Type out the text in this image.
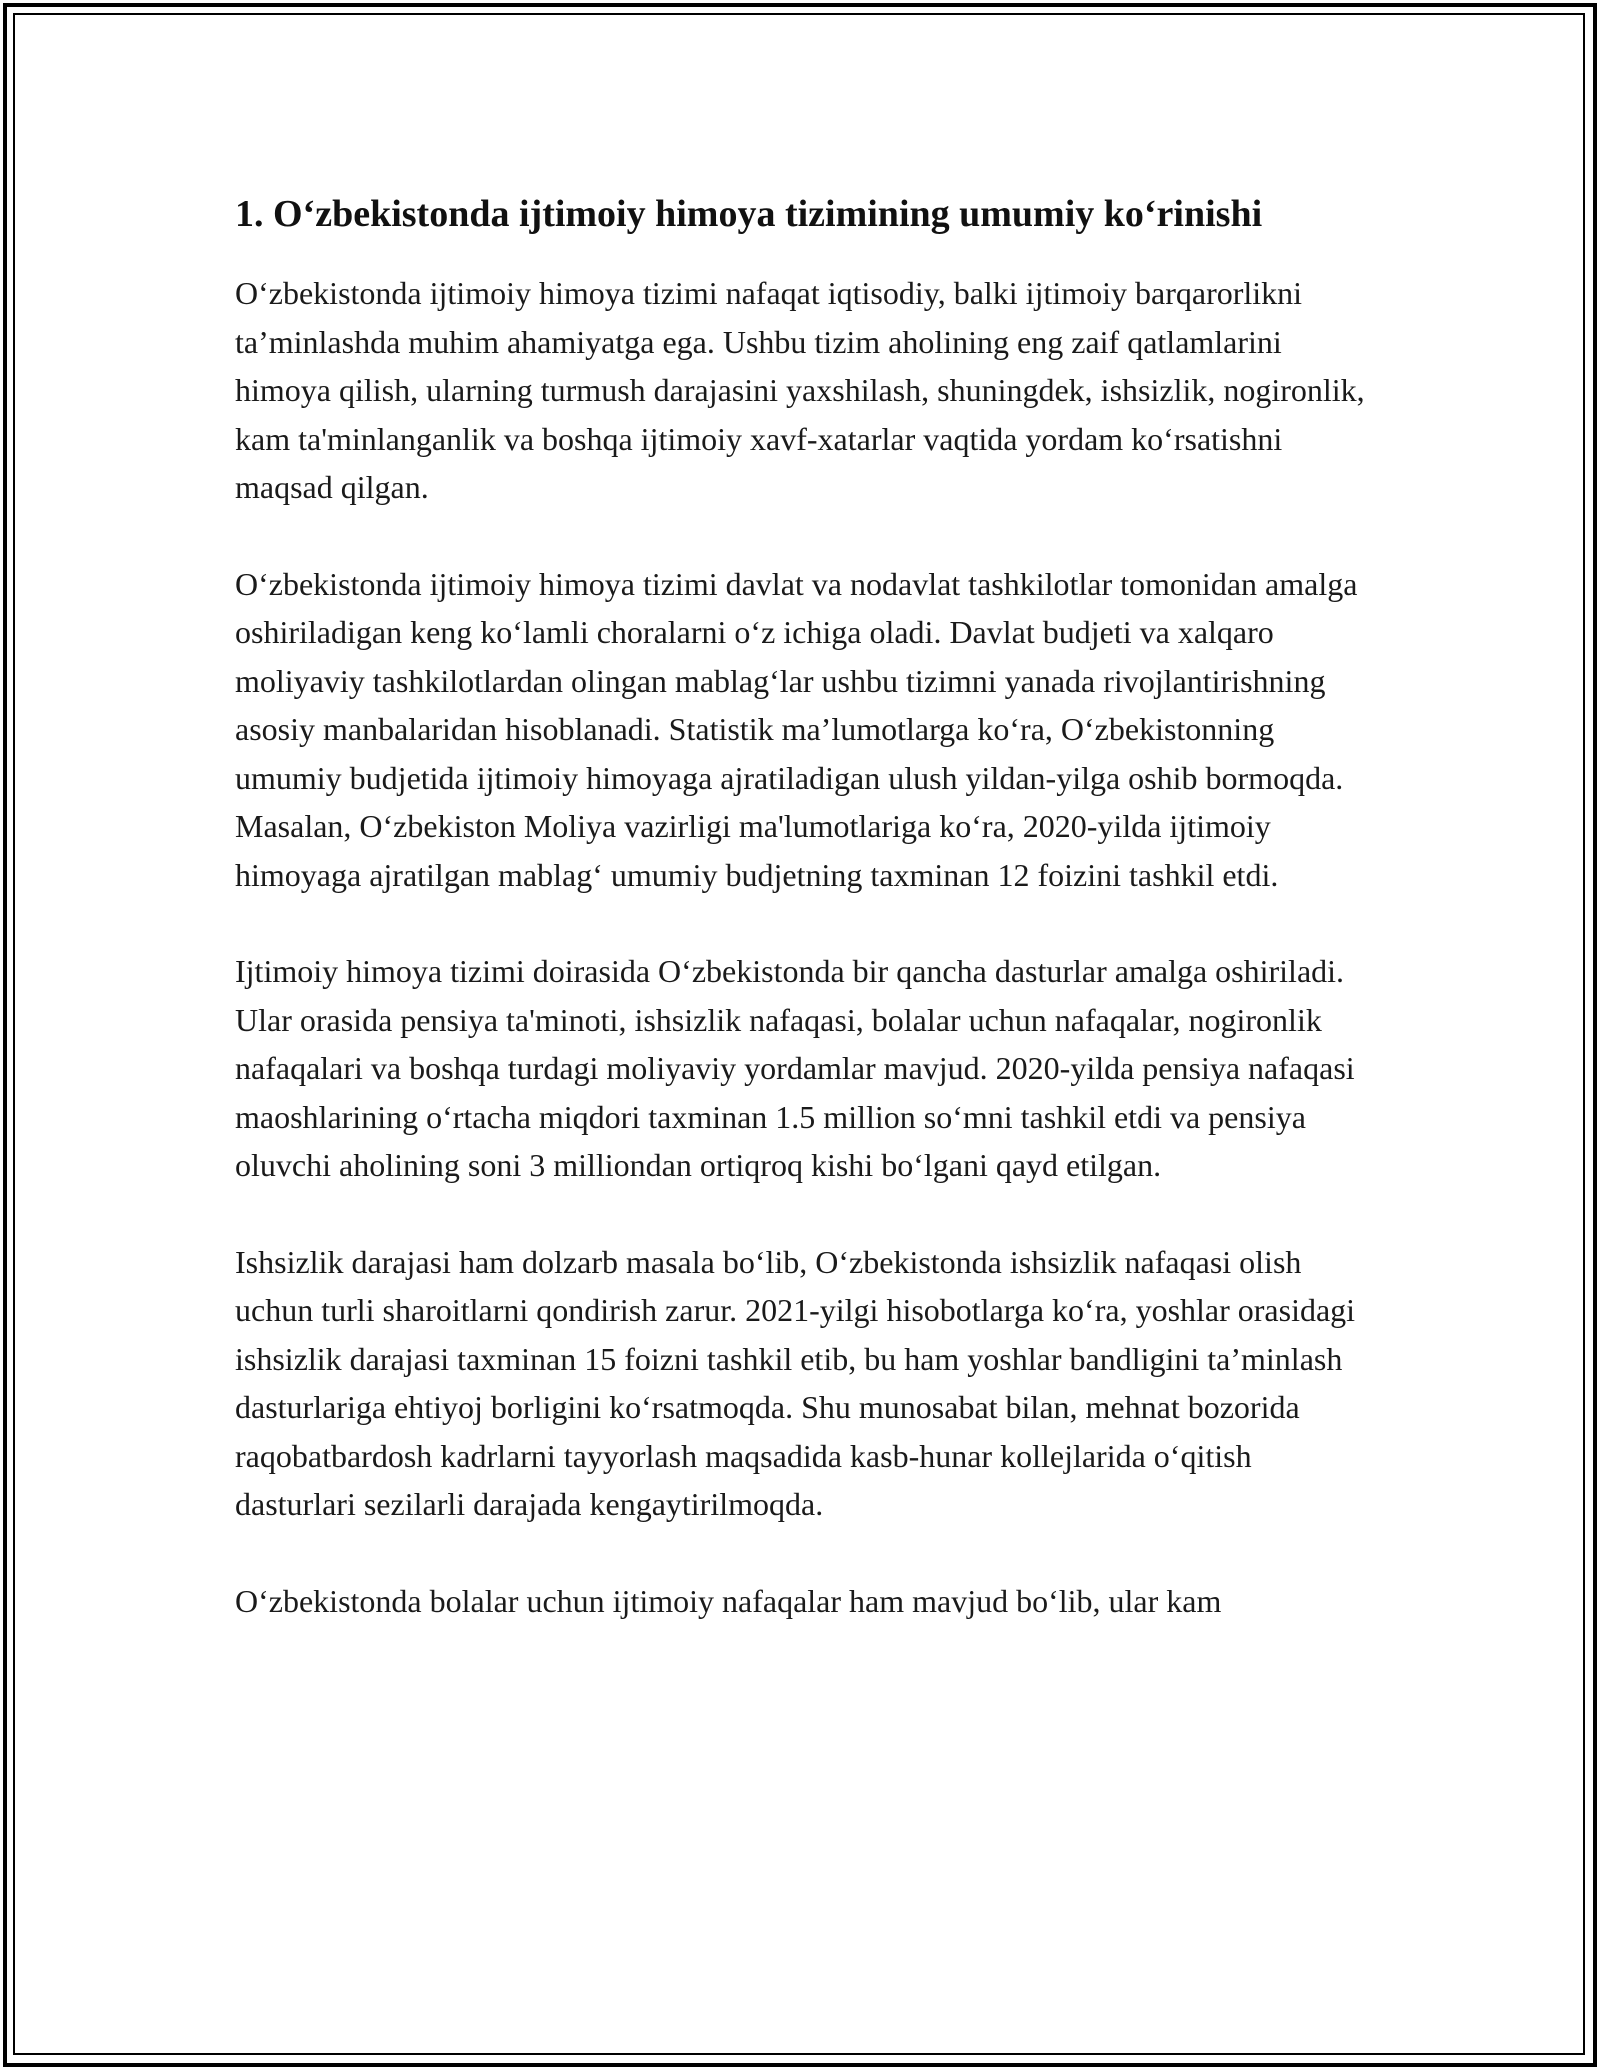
1. O‘zbekistonda ijtimoiy himoya tizimining umumiy ko‘rinishi

O‘zbekistonda ijtimoiy himoya tizimi nafaqat iqtisodiy, balki ijtimoiy barqarorlikni ta’minlashda muhim ahamiyatga ega. Ushbu tizim aholining eng zaif qatlamlarini himoya qilish, ularning turmush darajasini yaxshilash, shuningdek, ishsizlik, nogironlik, kam ta'minlanganlik va boshqa ijtimoiy xavf-xatarlar vaqtida yordam ko‘rsatishni maqsad qilgan.

O‘zbekistonda ijtimoiy himoya tizimi davlat va nodavlat tashkilotlar tomonidan amalga oshiriladigan keng ko‘lamli choralarni o‘z ichiga oladi. Davlat budjeti va xalqaro moliyaviy tashkilotlardan olingan mablag‘lar ushbu tizimni yanada rivojlantirishning asosiy manbalaridan hisoblanadi. Statistik ma’lumotlarga ko‘ra, O‘zbekistonning umumiy budjetida ijtimoiy himoyaga ajratiladigan ulush yildan-yilga oshib bormoqda. Masalan, O‘zbekiston Moliya vazirligi ma'lumotlariga ko‘ra, 2020-yilda ijtimoiy himoyaga ajratilgan mablag‘ umumiy budjetning taxminan 12 foizini tashkil etdi.

Ijtimoiy himoya tizimi doirasida O‘zbekistonda bir qancha dasturlar amalga oshiriladi. Ular orasida pensiya ta'minoti, ishsizlik nafaqasi, bolalar uchun nafaqalar, nogironlik nafaqalari va boshqa turdagi moliyaviy yordamlar mavjud. 2020-yilda pensiya nafaqasi maoshlarining o‘rtacha miqdori taxminan 1.5 million so‘mni tashkil etdi va pensiya oluvchi aholining soni 3 milliondan ortiqroq kishi bo‘lgani qayd etilgan.

Ishsizlik darajasi ham dolzarb masala bo‘lib, O‘zbekistonda ishsizlik nafaqasi olish uchun turli sharoitlarni qondirish zarur. 2021-yilgi hisobotlarga ko‘ra, yoshlar orasidagi ishsizlik darajasi taxminan 15 foizni tashkil etib, bu ham yoshlar bandligini ta’minlash dasturlariga ehtiyoj borligini ko‘rsatmoqda. Shu munosabat bilan, mehnat bozorida raqobatbardosh kadrlarni tayyorlash maqsadida kasb-hunar kollejlarida o‘qitish dasturlari sezilarli darajada kengaytirilmoqda.

O‘zbekistonda bolalar uchun ijtimoiy nafaqalar ham mavjud bo‘lib, ular kam
